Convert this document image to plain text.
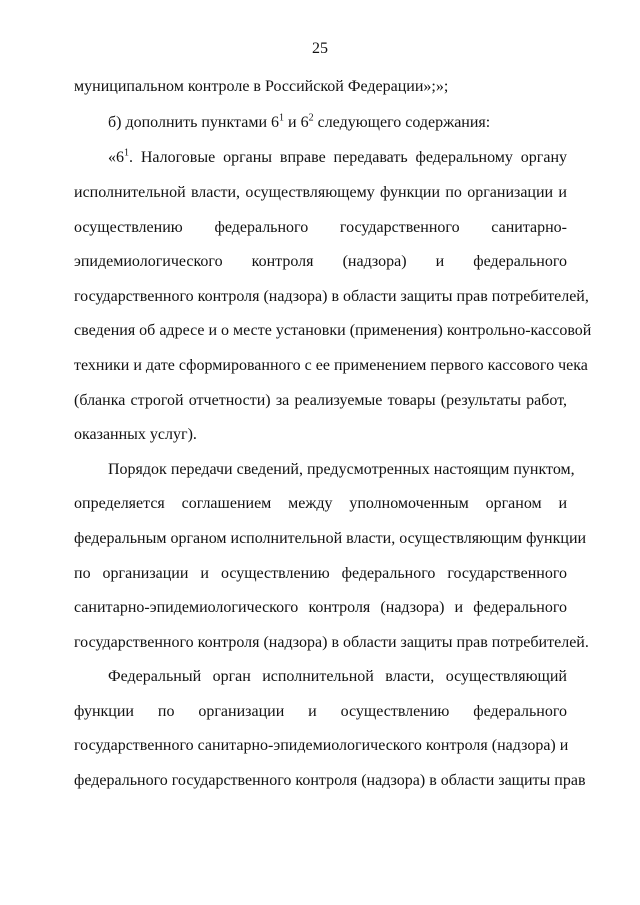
25
муниципальном контроле в Российской Федерации»;»;
б) дополнить пунктами $6^1$ и $6^2$ следующего содержания:
«$6^1$. Налоговые органы вправе передавать федеральному органу
исполнительной власти, осуществляющему функции по организации и
осуществлению федерального государственного санитарно-
эпидемиологического контроля (надзора) и федерального
государственного контроля (надзора) в области защиты прав потребителей,
сведения об адресе и о месте установки (применения) контрольно-кассовой
техники и дате сформированного с ее применением первого кассового чека
(бланка строгой отчетности) за реализуемые товары (результаты работ,
оказанных услуг).
Порядок передачи сведений, предусмотренных настоящим пунктом,
определяется соглашением между уполномоченным органом и
федеральным органом исполнительной власти, осуществляющим функции
по организации и осуществлению федерального государственного
санитарно-эпидемиологического контроля (надзора) и федерального
государственного контроля (надзора) в области защиты прав потребителей.
Федеральный орган исполнительной власти, осуществляющий
функции по организации и осуществлению федерального
государственного санитарно-эпидемиологического контроля (надзора) и
федерального государственного контроля (надзора) в области защиты прав
